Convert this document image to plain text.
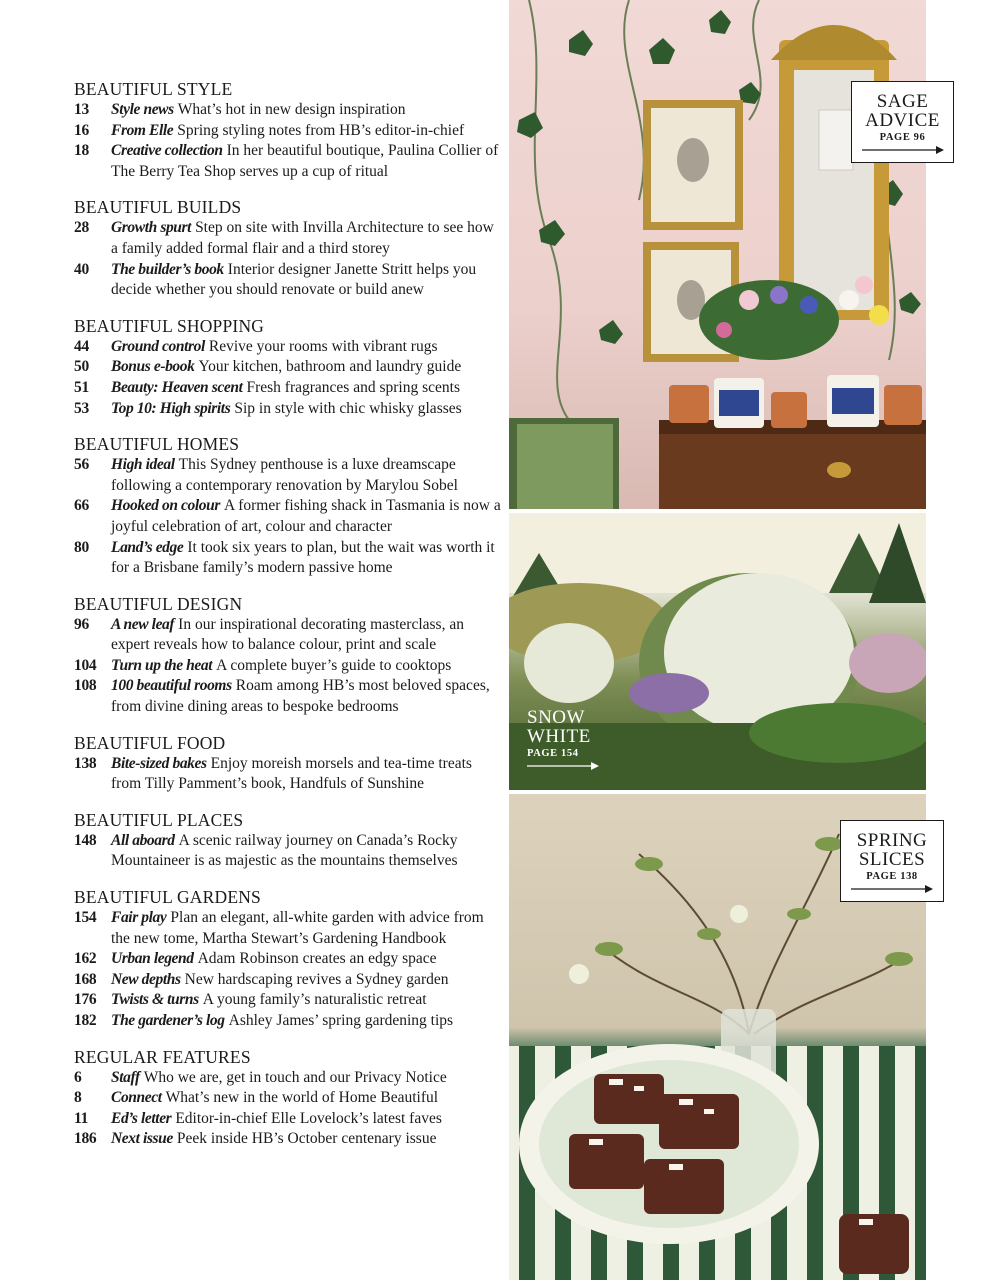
BEAUTIFUL STYLE
13	Style news What’s hot in new design inspiration
16	From Elle Spring styling notes from HB’s editor-in-chief
18	Creative collection In her beautiful boutique, Paulina Collier of The Berry Tea Shop serves up a cup of ritual
BEAUTIFUL BUILDS
28	Growth spurt Step on site with Invilla Architecture to see how a family added formal flair and a third storey
40	The builder’s book Interior designer Janette Stritt helps you decide whether you should renovate or build anew
BEAUTIFUL SHOPPING
44	Ground control Revive your rooms with vibrant rugs
50	Bonus e-book Your kitchen, bathroom and laundry guide
51	Beauty: Heaven scent Fresh fragrances and spring scents
53	Top 10: High spirits Sip in style with chic whisky glasses
BEAUTIFUL HOMES
56	High ideal This Sydney penthouse is a luxe dreamscape following a contemporary renovation by Marylou Sobel
66	Hooked on colour A former fishing shack in Tasmania is now a joyful celebration of art, colour and character
80	Land’s edge It took six years to plan, but the wait was worth it for a Brisbane family’s modern passive home
BEAUTIFUL DESIGN
96	A new leaf In our inspirational decorating masterclass, an expert reveals how to balance colour, print and scale
104 Turn up the heat A complete buyer’s guide to cooktops
108 100 beautiful rooms Roam among HB’s most beloved spaces, from divine dining areas to bespoke bedrooms
BEAUTIFUL FOOD
138 Bite-sized bakes Enjoy moreish morsels and tea-time treats from Tilly Pamment’s book, Handfuls of Sunshine
BEAUTIFUL PLACES
148 All aboard A scenic railway journey on Canada’s Rocky Mountaineer is as majestic as the mountains themselves
BEAUTIFUL GARDENS
154 Fair play Plan an elegant, all-white garden with advice from the new tome, Martha Stewart’s Gardening Handbook
162 Urban legend Adam Robinson creates an edgy space
168 New depths New hardscaping revives a Sydney garden
176 Twists & turns A young family’s naturalistic retreat
182 The gardener’s log Ashley James’ spring gardening tips
REGULAR FEATURES
6	Staff Who we are, get in touch and our Privacy Notice
8	Connect What’s new in the world of Home Beautiful
11	Ed’s letter Editor-in-chief Elle Lovelock’s latest faves
186 Next issue Peek inside HB’s October centenary issue
SAGE
ADVICE
PAGE 96
SNOW
WHITE
PAGE 154
SPRING
SLICES
PAGE 138
